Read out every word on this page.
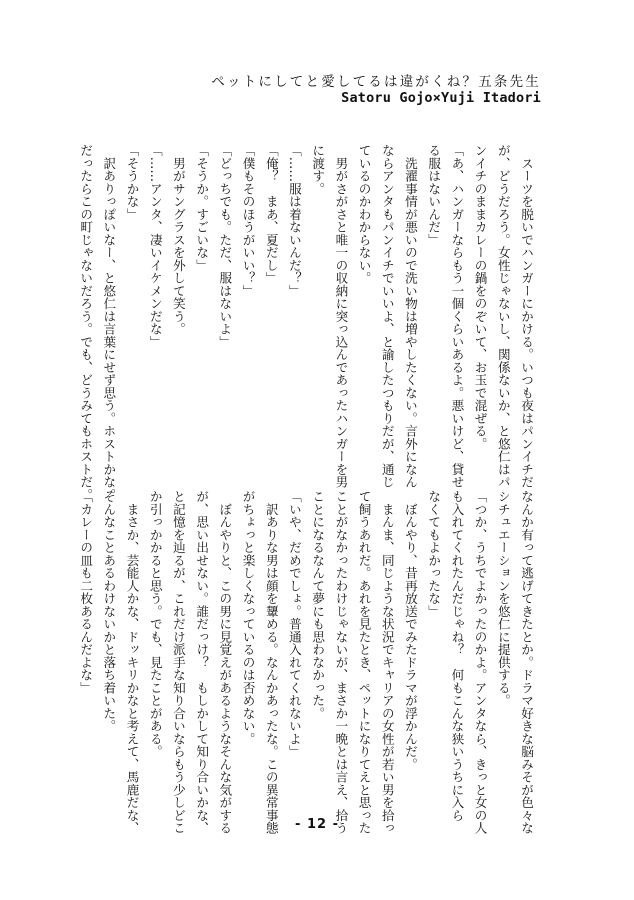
ペットにしてと愛してるは違がくね？五条先生
Satoru Gojo×Yuji Itadori

　スーツを脱いでハンガーにかける。いつも夜はパンイチだ

が、どうだろう。女性じゃないし、関係ないか、と悠仁はパ

ンイチのままカレーの鍋をのぞいて、お玉で混ぜる。

「あ、ハンガーならもう一個くらいあるよ。悪いけど、貸せ

る服はないんだ」

　洗濯事情が悪いので洗い物は増やしたくない。言外になん

ならアンタもパンイチでいいよ、と諭したつもりだが、通じ

ているのかわからない。

　男がさがさと唯一の収納に突っ込んであったハンガーを男

に渡す。

「……服は着ないんだ？」

「俺？　まあ、夏だし」

「僕もそのほうがいい？」

「どっちでも。ただ、服はないよ」

「そうか。すごいな」

　男がサングラスを外して笑う。

「……アンタ、凄いイケメンだな」

「そうかな」

　訳ありっぽいなー、と悠仁は言葉にせず思う。ホストかな。

だったらこの町じゃないだろう。でも、どうみてもホストだ。

なんか有って逃げてきたとか。ドラマ好きな脳みそが色々な

シチュエーションを悠仁に提供する。

「つか、うちでよかったのかよ。アンタなら、きっと女の人

も入れてくれたんだじゃね？　何もこんな狭いうちに入ら

なくてもよかったな」

　ぼんやり、昔再放送でみたドラマが浮かんだ。

　まんま、同じような状況でキャリアの女性が若い男を拾っ

て飼うあれだ。あれを見たとき、ペットになりてえと思った

ことがなかったわけじゃないが、まさか一晩とは言え、拾う

ことになるなんて夢にも思わなかった。

「いや、だめでしょ。普通入れてくれないよ」

　訳ありな男は顔を顰める。なんかあったな。この異常事態

がちょっと楽しくなっているのは否めない。

　ぼんやりと、この男に見覚えがあるようなそんな気がする

が、思い出せない。誰だっけ？　もしかして知り合いかな、

と記憶を辿るが、これだけ派手な知り合いならもう少しどこ

か引っかかると思う。でも、見たことがある。

　まさか、芸能人かな、ドッキリかなと考えて、馬鹿だな、

そんなことあるわけないかと落ち着いた。

「カレーの皿も二枚あるんだよな」

- 12 -
